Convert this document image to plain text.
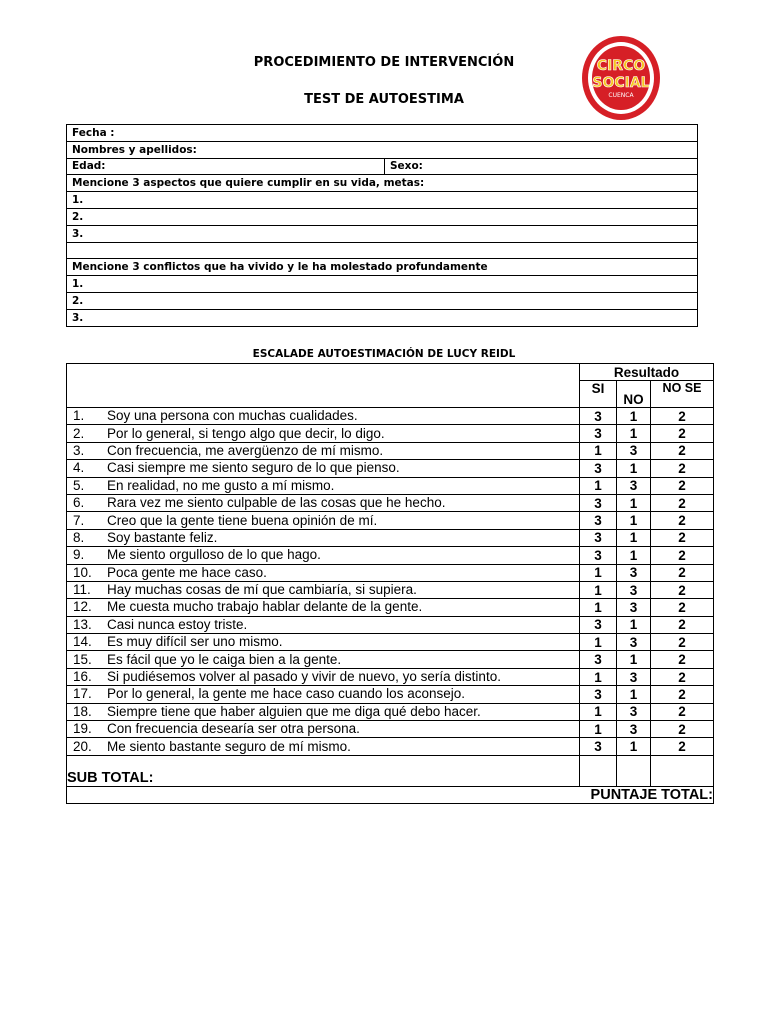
PROCEDIMIENTO DE INTERVENCIÓN
TEST DE AUTOESTIMA
CIRCO
SOCIAL
CUENCA
Fecha :
Nombres y apellidos:
Edad:	Sexo:
Mencione 3 aspectos que quiere cumplir en su vida, metas:
1.
2.
3.

Mencione 3 conflictos que ha vivido y le ha molestado profundamente
1.
2.
3.
ESCALADE AUTOESTIMACIÓN DE LUCY REIDL
	Resultado		
	SI	NO	NO SE
1. Soy una persona con muchas cualidades.	3	1	2
2. Por lo general, si tengo algo que decir, lo digo.	3	1	2
3. Con frecuencia, me avergüenzo de mí mismo.	1	3	2
4. Casi siempre me siento seguro de lo que pienso.	3	1	2
5. En realidad, no me gusto a mí mismo.	1	3	2
6. Rara vez me siento culpable de las cosas que he hecho.	3	1	2
7. Creo que la gente tiene buena opinión de mí.	3	1	2
8. Soy bastante feliz.	3	1	2
9. Me siento orgulloso de lo que hago.	3	1	2
10. Poca gente me hace caso.	1	3	2
11. Hay muchas cosas de mí que cambiaría, si supiera.	1	3	2
12. Me cuesta mucho trabajo hablar delante de la gente.	1	3	2
13. Casi nunca estoy triste.	3	1	2
14. Es muy difícil ser uno mismo.	1	3	2
15. Es fácil que yo le caiga bien a la gente.	3	1	2
16. Si pudiésemos volver al pasado y vivir de nuevo, yo sería distinto.	1	3	2
17. Por lo general, la gente me hace caso cuando los aconsejo.	3	1	2
18. Siempre tiene que haber alguien que me diga qué debo hacer.	1	3	2
19. Con frecuencia desearía ser otra persona.	1	3	2
20. Me siento bastante seguro de mí mismo.	3	1	2
SUB TOTAL:			
PUNTAJE TOTAL:			
